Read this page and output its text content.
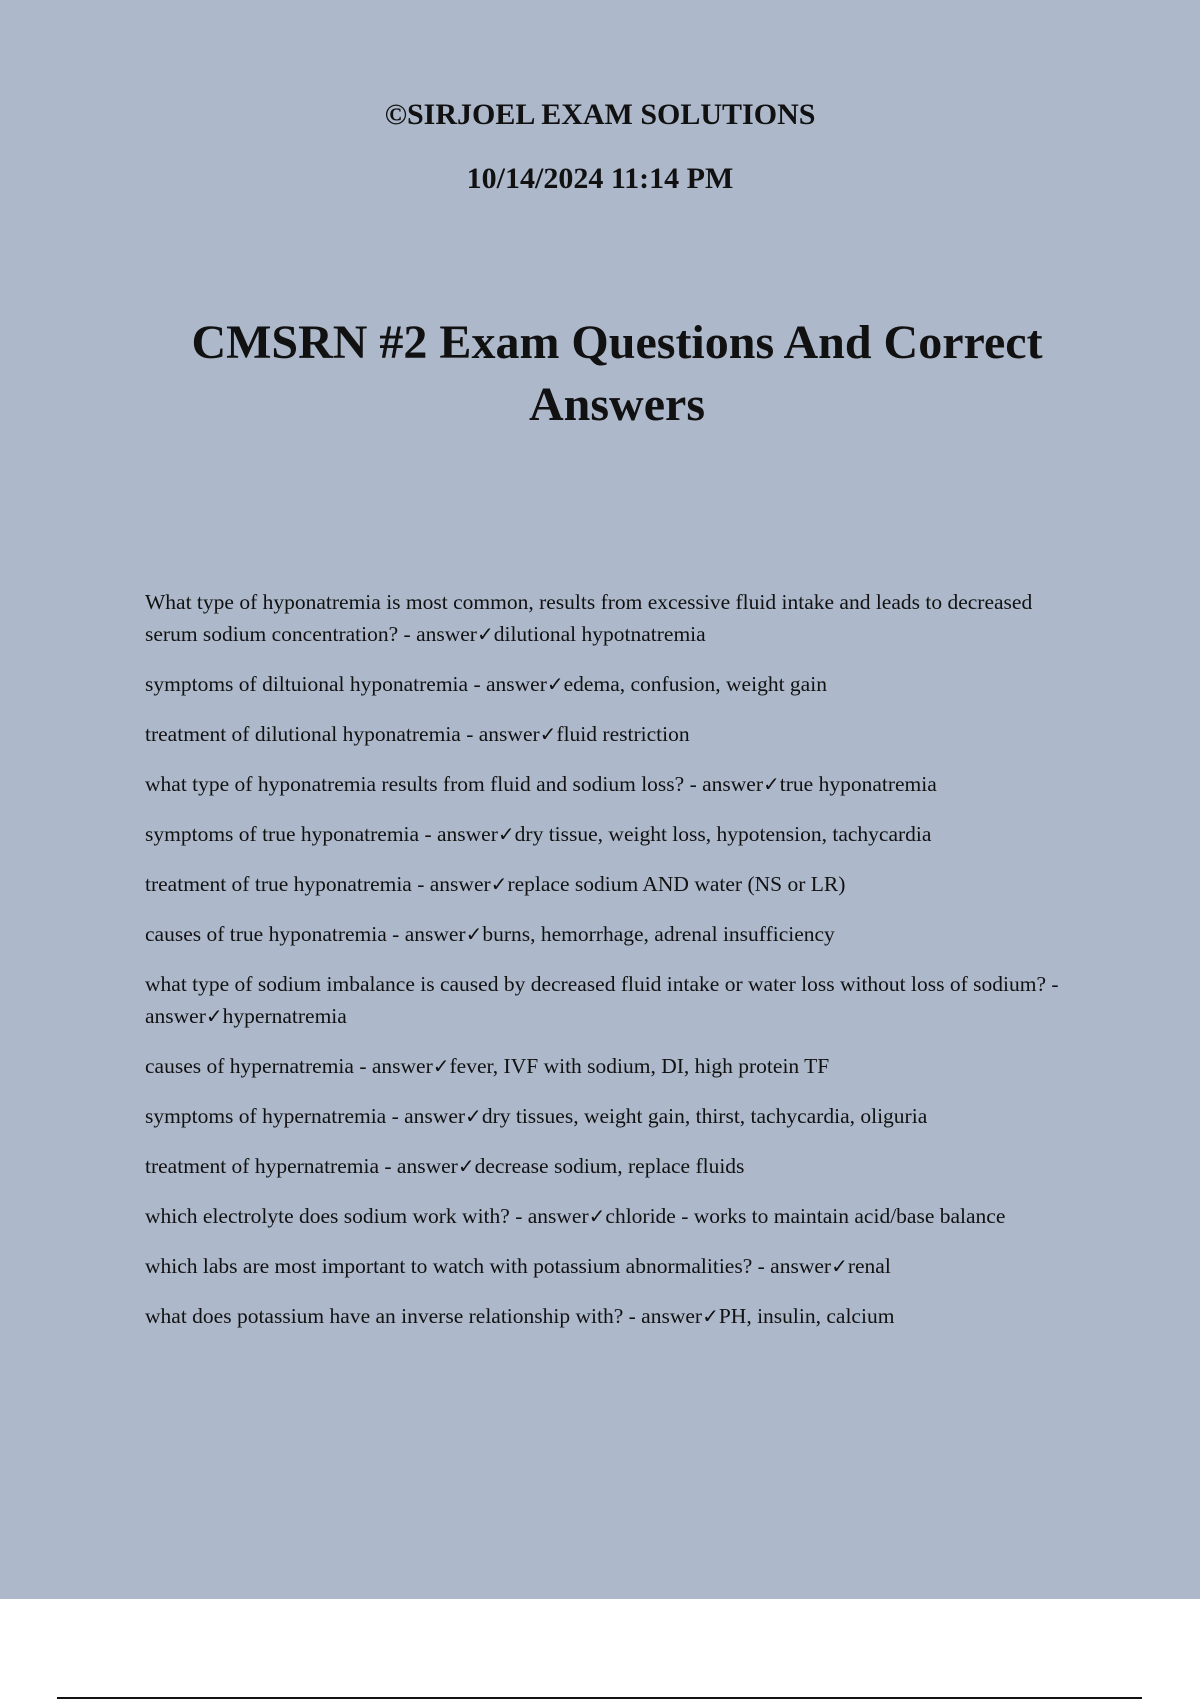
©SIRJOEL EXAM SOLUTIONS
10/14/2024 11:14 PM
CMSRN #2 Exam Questions And Correct Answers
What type of hyponatremia is most common, results from excessive fluid intake and leads to decreased serum sodium concentration? - answer✓dilutional hypotnatremia
symptoms of diltuional hyponatremia - answer✓edema, confusion, weight gain
treatment of dilutional hyponatremia - answer✓fluid restriction
what type of hyponatremia results from fluid and sodium loss? - answer✓true hyponatremia
symptoms of true hyponatremia - answer✓dry tissue, weight loss, hypotension, tachycardia
treatment of true hyponatremia - answer✓replace sodium AND water (NS or LR)
causes of true hyponatremia - answer✓burns, hemorrhage, adrenal insufficiency
what type of sodium imbalance is caused by decreased fluid intake or water loss without loss of sodium? - answer✓hypernatremia
causes of hypernatremia - answer✓fever, IVF with sodium, DI, high protein TF
symptoms of hypernatremia - answer✓dry tissues, weight gain, thirst, tachycardia, oliguria
treatment of hypernatremia - answer✓decrease sodium, replace fluids
which electrolyte does sodium work with? - answer✓chloride - works to maintain acid/base balance
which labs are most important to watch with potassium abnormalities? - answer✓renal
what does potassium have an inverse relationship with? - answer✓PH, insulin, calcium
